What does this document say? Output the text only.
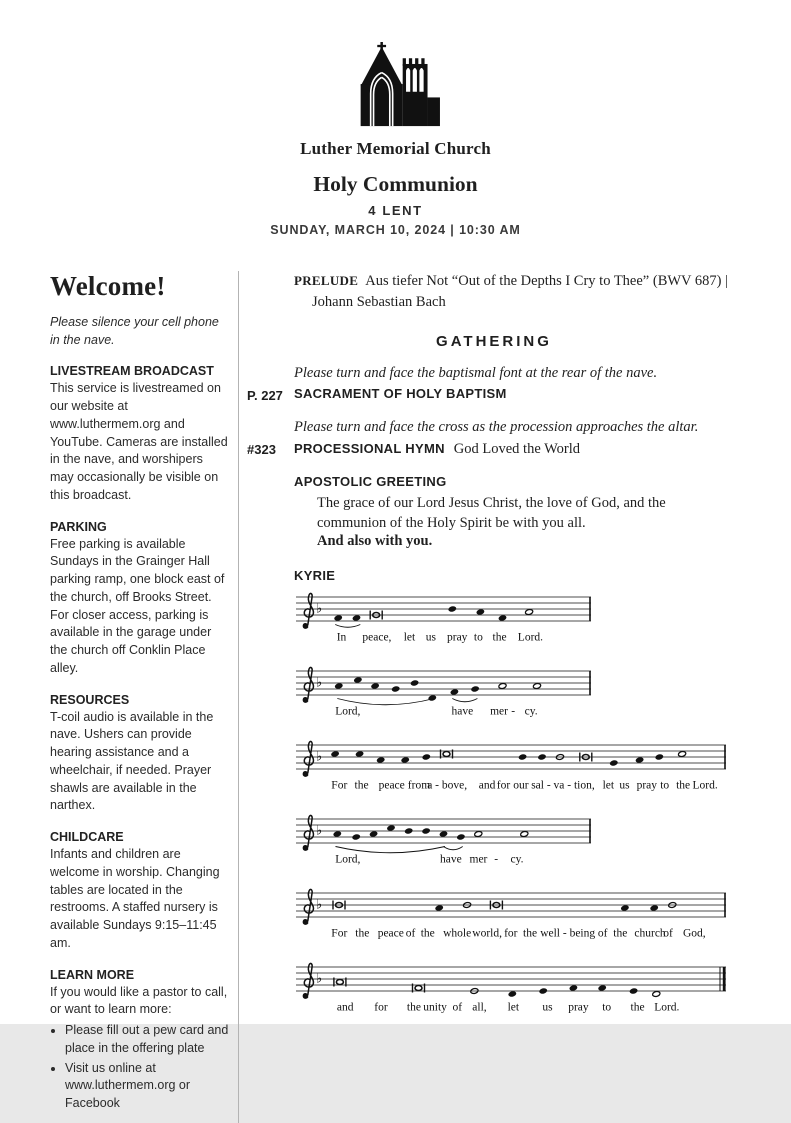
Luther Memorial Church
Holy Communion
4 LENT
SUNDAY, MARCH 10, 2024 | 10:30 AM
Welcome!
Please silence your cell phone in the nave.
LIVESTREAM BROADCAST
This service is livestreamed on our website at www.luthermem.org and YouTube. Cameras are installed in the nave, and worshipers may occasionally be visible on this broadcast.
PARKING
Free parking is available Sundays in the Grainger Hall parking ramp, one block east of the church, off Brooks Street. For closer access, parking is available in the garage under the church off Conklin Place alley.
RESOURCES
T-coil audio is available in the nave. Ushers can provide hearing assistance and a wheelchair, if needed. Prayer shawls are available in the narthex.
CHILDCARE
Infants and children are welcome in worship. Changing tables are located in the restrooms. A staffed nursery is available Sundays 9:15–11:45 am.
LEARN MORE
If you would like a pastor to call, or want to learn more:
• Please fill out a pew card and place in the offering plate
• Visit us online at www.luthermem.org or Facebook
PRELUDE Aus tiefer Not “Out of the Depths I Cry to Thee” (BWV 687) | Johann Sebastian Bach
GATHERING
Please turn and face the baptismal font at the rear of the nave.
P. 227 SACRAMENT OF HOLY BAPTISM
Please turn and face the cross as the procession approaches the altar.
#323	PROCESSIONAL HYMN God Loved the World
APOSTOLIC GREETING
The grace of our Lord Jesus Christ, the love of God, and the communion of the Holy Spirit be with you all.
And also with you.
KYRIE
♭
In peace, let us pray to the Lord.
♭
Lord,	have mer - cy.
♭
For the peace from
a - bove, and for our sal - va - tion, let us pray to the Lord.
♭
Lord,	have mer - cy.
♭
For the peace of the whole world, for the well - being of the church
of God,
♭
and for the unity of all, let us pray to the Lord.
